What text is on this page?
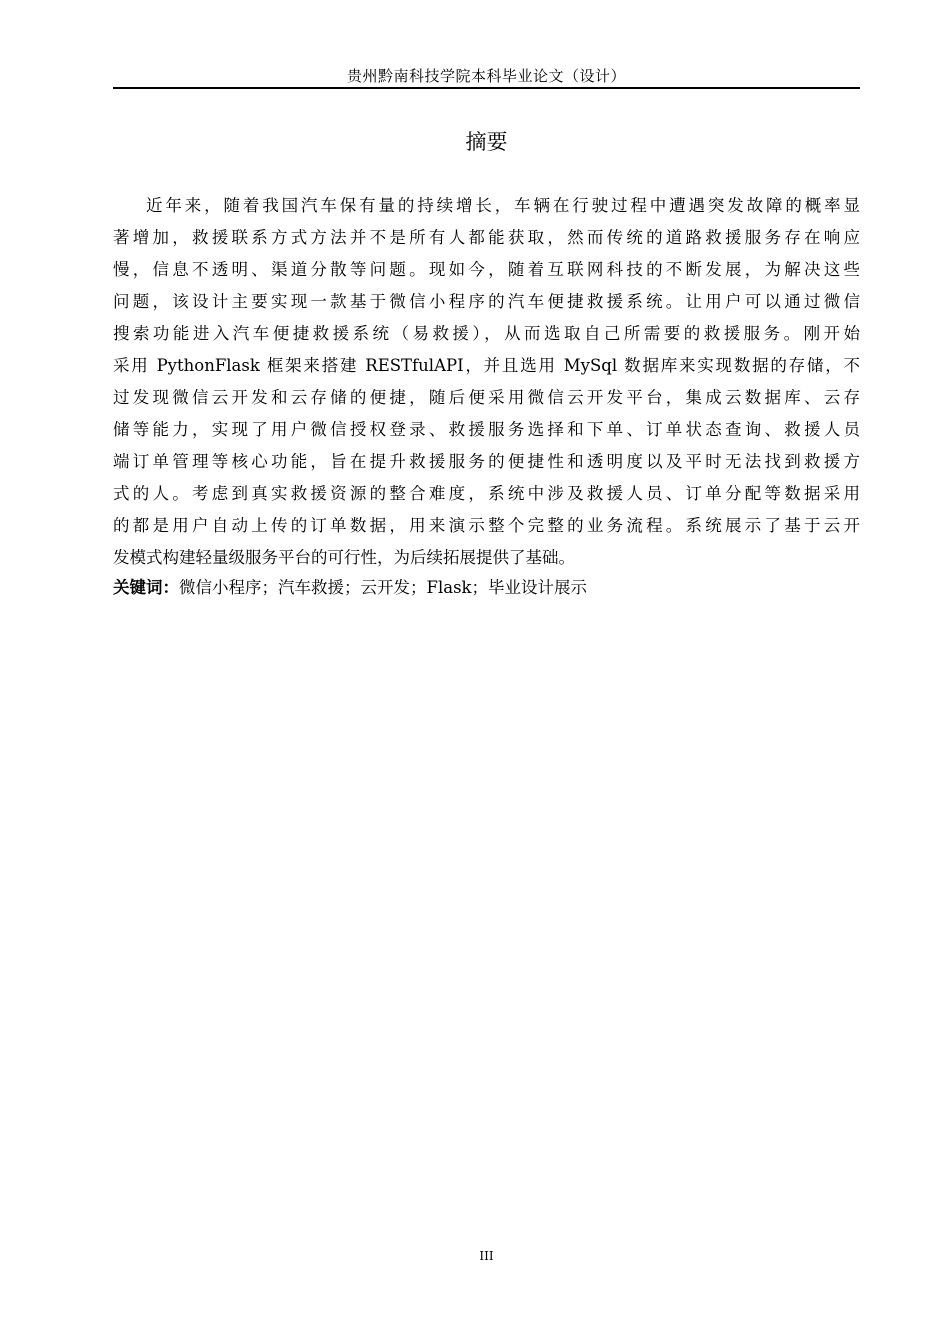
贵州黔南科技学院本科毕业论文（设计）
摘要
近年来，随着我国汽车保有量的持续增长，车辆在行驶过程中遭遇突发故障的概率显
著增加，救援联系方式方法并不是所有人都能获取，然而传统的道路救援服务存在响应
慢，信息不透明、渠道分散等问题。现如今，随着互联网科技的不断发展，为解决这些
问题，该设计主要实现一款基于微信小程序的汽车便捷救援系统。让用户可以通过微信
搜索功能进入汽车便捷救援系统（易救援），从而选取自己所需要的救援服务。刚开始
采用 PythonFlask 框架来搭建 RESTfulAPI，并且选用 MySql 数据库来实现数据的存储，不
过发现微信云开发和云存储的便捷，随后便采用微信云开发平台，集成云数据库、云存
储等能力，实现了用户微信授权登录、救援服务选择和下单、订单状态查询、救援人员
端订单管理等核心功能，旨在提升救援服务的便捷性和透明度以及平时无法找到救援方
式的人。考虑到真实救援资源的整合难度，系统中涉及救援人员、订单分配等数据采用
的都是用户自动上传的订单数据，用来演示整个完整的业务流程。系统展示了基于云开
发模式构建轻量级服务平台的可行性，为后续拓展提供了基础。
关键词：微信小程序；汽车救援；云开发；Flask；毕业设计展示
III
